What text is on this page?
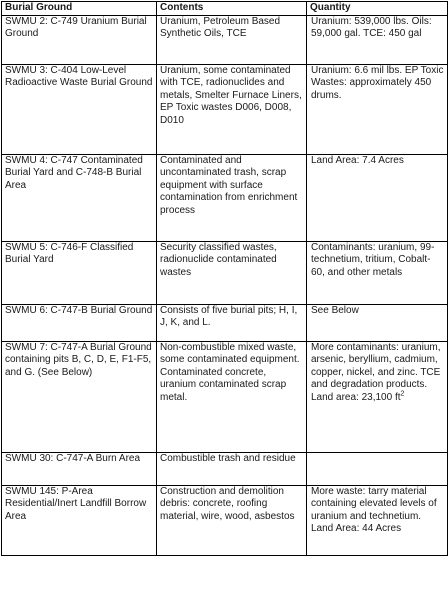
Burial Ground	Contents	Quantity
SWMU 2: C-749 Uranium Burial Ground	Uranium, Petroleum Based Synthetic Oils, TCE	Uranium: 539,000 lbs. Oils: 59,000 gal. TCE: 450 gal
SWMU 3: C-404 Low-Level Radioactive Waste Burial Ground	Uranium, some contaminated with TCE, radionuclides and metals, Smelter Furnace Liners, EP Toxic wastes D006, D008, D010	Uranium: 6.6 mil lbs. EP Toxic Wastes: approximately 450 drums.
SWMU 4: C-747 Contaminated Burial Yard and C-748-B Burial Area	Contaminated and uncontaminated trash, scrap equipment with surface contamination from enrichment process	Land Area: 7.4 Acres
SWMU 5: C-746-F Classified Burial Yard	Security classified wastes, radionuclide contaminated wastes	Contaminants: uranium, 99-technetium, tritium, Cobalt-60, and other metals
SWMU 6: C-747-B Burial Ground	Consists of five burial pits; H, I, J, K, and L.	See Below
SWMU 7: C-747-A Burial Ground containing pits B, C, D, E, F1-F5, and G. (See Below)	Non-combustible mixed waste, some contaminated equipment. Contaminated concrete, uranium contaminated scrap metal.	More contaminants: uranium, arsenic, beryllium, cadmium, copper, nickel, and zinc. TCE and degradation products. Land area: 23,100 $ft^2$
SWMU 30: C-747-A Burn Area	Combustible trash and residue	
SWMU 145: P-Area Residential/Inert Landfill Borrow Area	Construction and demolition debris: concrete, roofing material, wire, wood, asbestos	More waste: tarry material containing elevated levels of uranium and technetium. Land Area: 44 Acres
